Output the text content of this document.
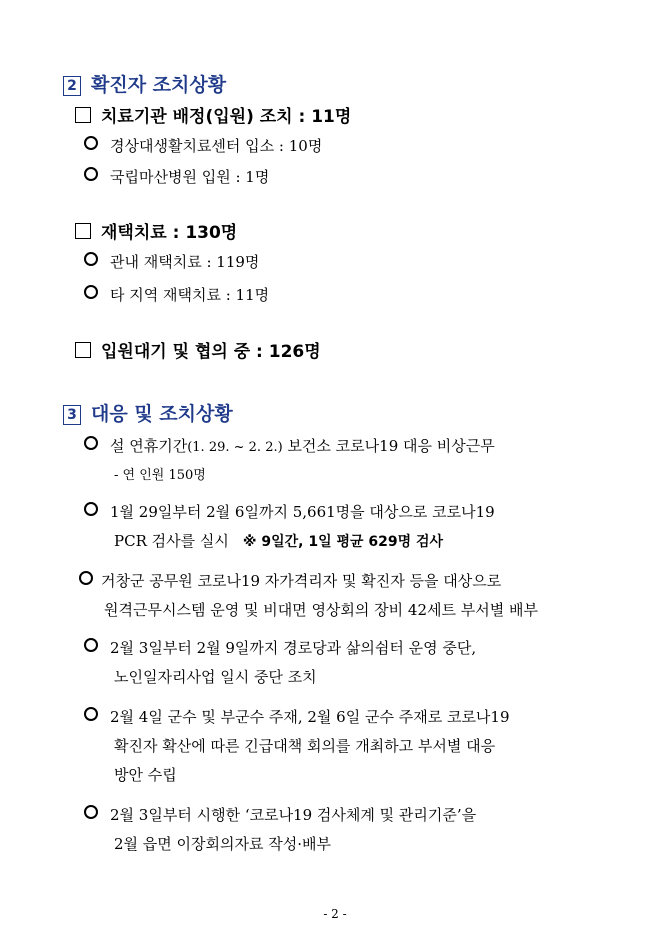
2 확진자 조치상황
치료기관 배정(입원) 조치 : 11명
경상대생활치료센터 입소 : 10명
국립마산병원 입원 : 1명
재택치료 : 130명
관내 재택치료 : 119명
타 지역 재택치료 : 11명
입원대기 및 협의 중 : 126명
3 대응 및 조치상황
설 연휴기간(1. 29. ~ 2. 2.) 보건소 코로나19 대응 비상근무
- 연 인원 150명
1월 29일부터 2월 6일까지 5,661명을 대상으로 코로나19
PCR 검사를 실시 ※ 9일간, 1일 평균 629명 검사
거창군 공무원 코로나19 자가격리자 및 확진자 등을 대상으로
원격근무시스템 운영 및 비대면 영상회의 장비 42세트 부서별 배부
2월 3일부터 2월 9일까지 경로당과 삶의쉼터 운영 중단,
노인일자리사업 일시 중단 조치
2월 4일 군수 및 부군수 주재, 2월 6일 군수 주재로 코로나19
확진자 확산에 따른 긴급대책 회의를 개최하고 부서별 대응
방안 수립
2월 3일부터 시행한 ‘코로나19 검사체계 및 관리기준’을
2월 읍면 이장회의자료 작성·배부
- 2 -
